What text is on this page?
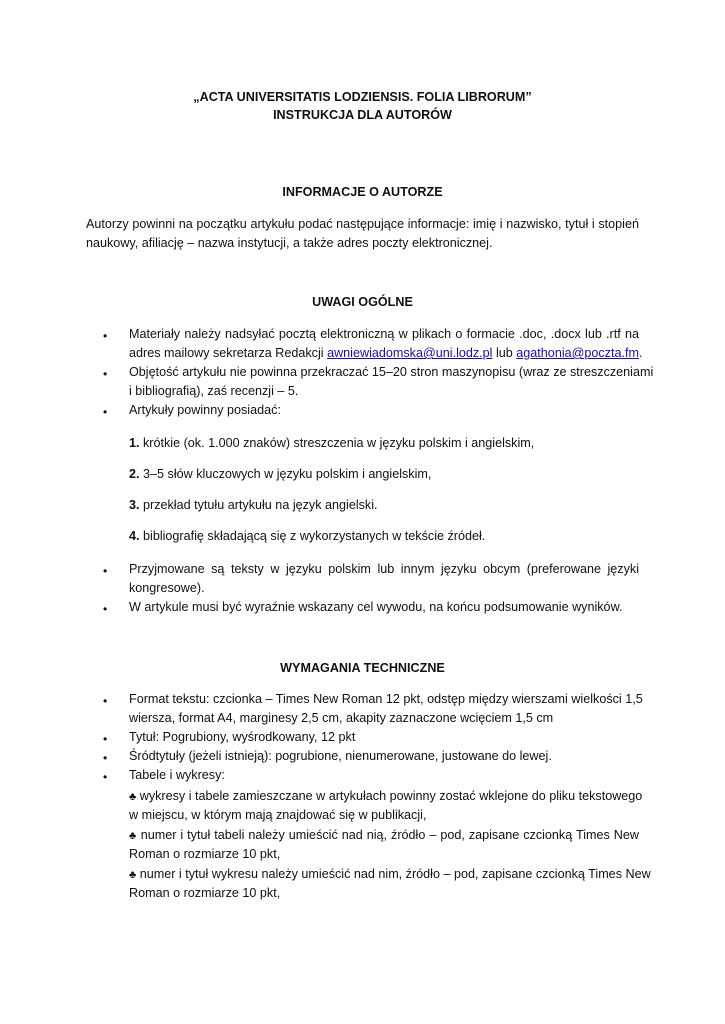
„ACTA UNIVERSITATIS LODZIENSIS. FOLIA LIBRORUM”
INSTRUKCJA DLA AUTORÓW
INFORMACJE O AUTORZE
Autorzy powinni na początku artykułu podać następujące informacje: imię i nazwisko, tytuł i stopień
naukowy, afiliację – nazwa instytucji, a także adres poczty elektronicznej.
UWAGI OGÓLNE
• Materiały należy nadsyłać pocztą elektroniczną w plikach o formacie .doc, .docx lub .rtf na
adres mailowy sekretarza Redakcji awniewiadomska@uni.lodz.pl lub agathonia@poczta.fm.
• Objętość artykułu nie powinna przekraczać 15–20 stron maszynopisu (wraz ze streszczeniami
i bibliografią), zaś recenzji – 5.
• Artykuły powinny posiadać:
1. krótkie (ok. 1.000 znaków) streszczenia w języku polskim i angielskim,
2. 3–5 słów kluczowych w języku polskim i angielskim,
3. przekład tytułu artykułu na język angielski.
4. bibliografię składającą się z wykorzystanych w tekście źródeł.
• Przyjmowane są teksty w języku polskim lub innym języku obcym (preferowane języki
kongresowe).
• W artykule musi być wyraźnie wskazany cel wywodu, na końcu podsumowanie wyników.
WYMAGANIA TECHNICZNE
• Format tekstu: czcionka – Times New Roman 12 pkt, odstęp między wierszami wielkości 1,5
wiersza, format A4, marginesy 2,5 cm, akapity zaznaczone wcięciem 1,5 cm
• Tytuł: Pogrubiony, wyśrodkowany, 12 pkt
• Śródtytuły (jeżeli istnieją): pogrubione, nienumerowane, justowane do lewej.
• Tabele i wykresy:
♣ wykresy i tabele zamieszczane w artykułach powinny zostać wklejone do pliku tekstowego
w miejscu, w którym mają znajdować się w publikacji,
♣ numer i tytuł tabeli należy umieścić nad nią, źródło – pod, zapisane czcionką Times New
Roman o rozmiarze 10 pkt,
♣ numer i tytuł wykresu należy umieścić nad nim, źródło – pod, zapisane czcionką Times New
Roman o rozmiarze 10 pkt,
